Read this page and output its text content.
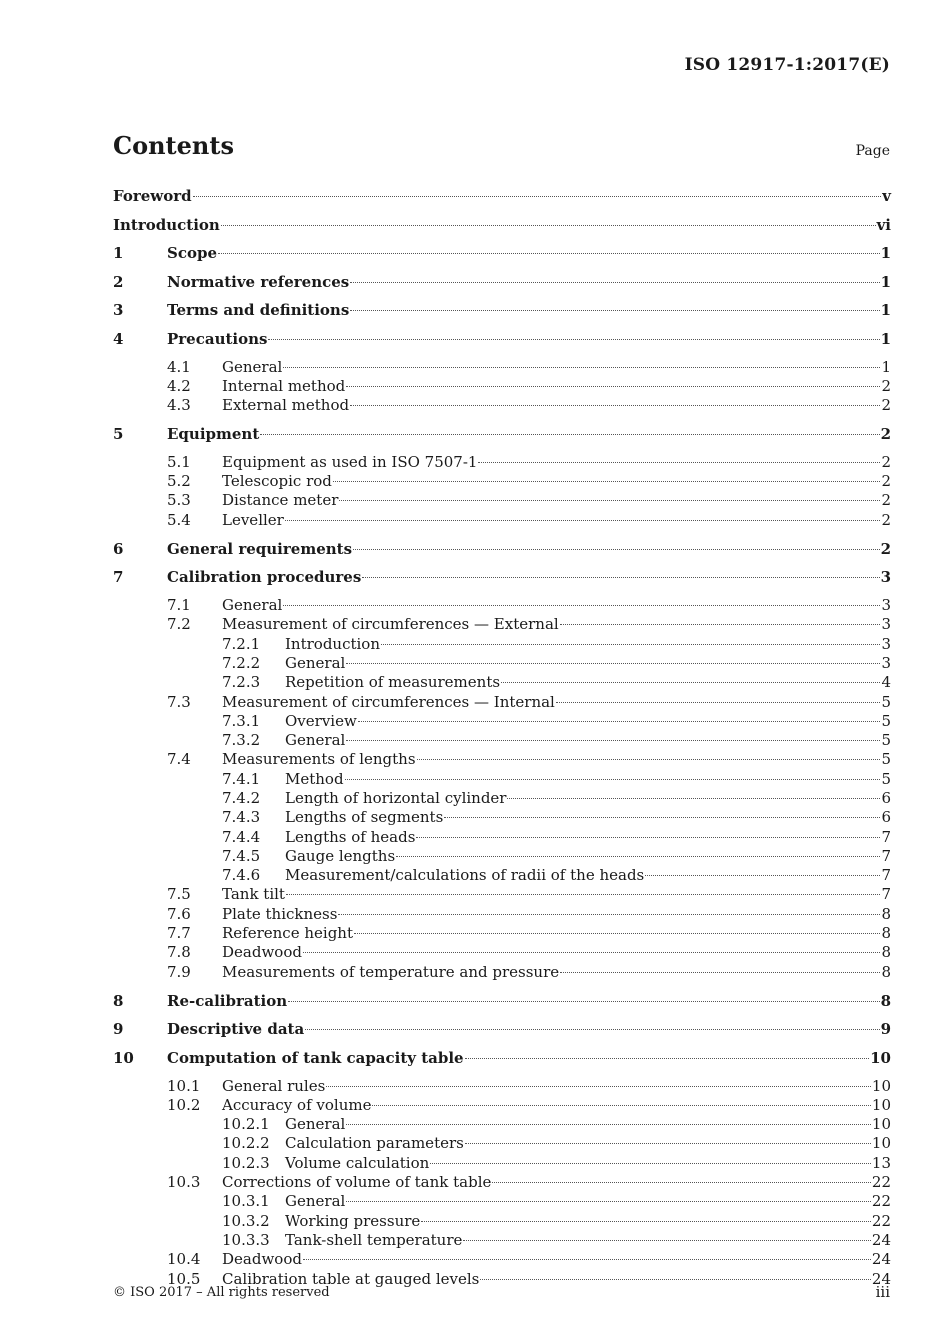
ISO 12917-1:2017(E)
Contents	Page
Foreword	v
Introduction	vi
1	Scope	1
2	Normative references	1
3	Terms and definitions	1
4	Precautions	1
4.1	General	1
4.2	Internal method	2
4.3	External method	2
5	Equipment	2
5.1	Equipment as used in ISO 7507-1	2
5.2	Telescopic rod	2
5.3	Distance meter	2
5.4	Leveller	2
6	General requirements	2
7	Calibration procedures	3
7.1	General	3
7.2	Measurement of circumferences — External	3
7.2.1	Introduction	3
7.2.2	General	3
7.2.3	Repetition of measurements	4
7.3	Measurement of circumferences — Internal	5
7.3.1	Overview	5
7.3.2	General	5
7.4	Measurements of lengths	5
7.4.1	Method	5
7.4.2	Length of horizontal cylinder	6
7.4.3	Lengths of segments	6
7.4.4	Lengths of heads	7
7.4.5	Gauge lengths	7
7.4.6	Measurement/calculations of radii of the heads	7
7.5	Tank tilt	7
7.6	Plate thickness	8
7.7	Reference height	8
7.8	Deadwood	8
7.9	Measurements of temperature and pressure	8
8	Re-calibration	8
9	Descriptive data	9
10	Computation of tank capacity table	10
10.1	General rules	10
10.2	Accuracy of volume	10
10.2.1	General	10
10.2.2	Calculation parameters	10
10.2.3	Volume calculation	13
10.3	Corrections of volume of tank table	22
10.3.1	General	22
10.3.2	Working pressure	22
10.3.3	Tank-shell temperature	24
10.4	Deadwood	24
10.5	Calibration table at gauged levels	24
© ISO 2017 – All rights reserved	iii
